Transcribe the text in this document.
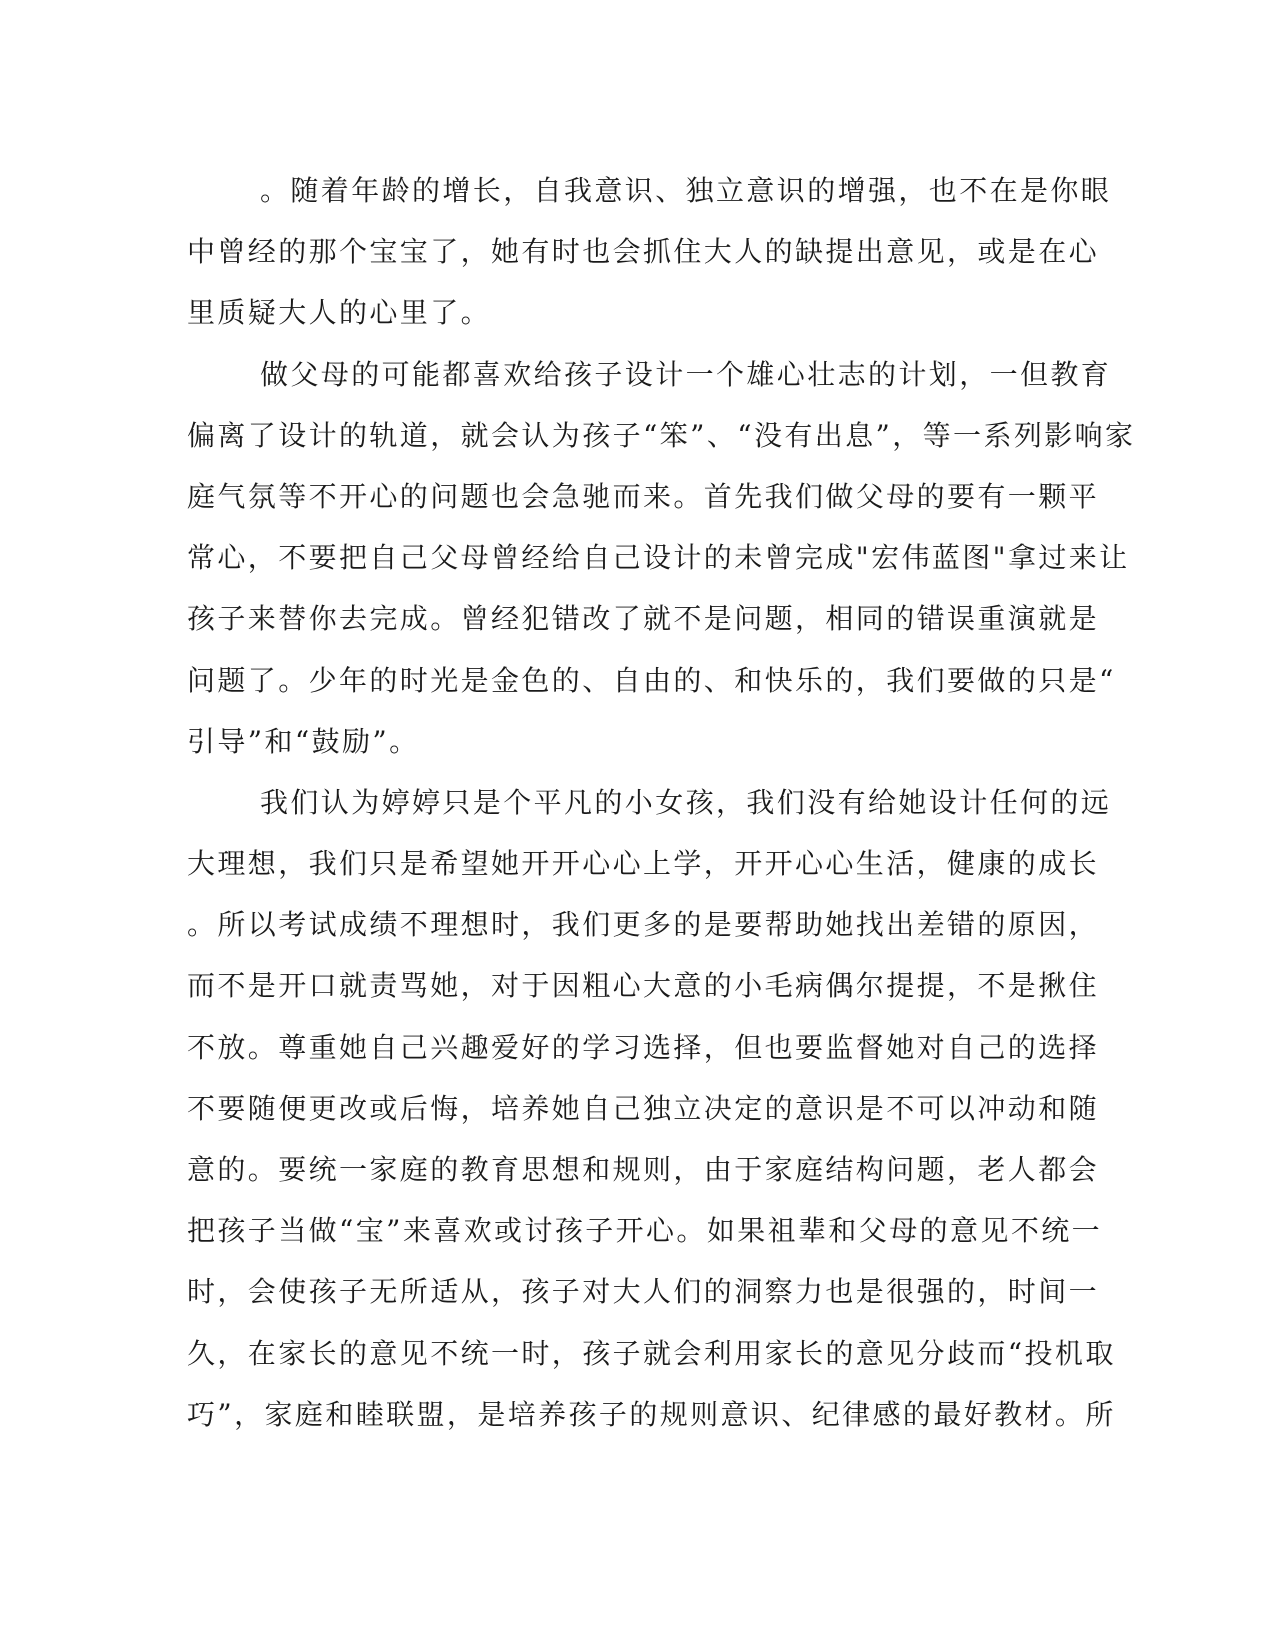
。随着年龄的增长，自我意识、独立意识的增强，也不在是你眼
中曾经的那个宝宝了，她有时也会抓住大人的缺提出意见，或是在心
里质疑大人的心里了。
做父母的可能都喜欢给孩子设计一个雄心壮志的计划，一但教育
偏离了设计的轨道，就会认为孩子“笨”、“没有出息”，等一系列影响家
庭气氛等不开心的问题也会急驰而来。首先我们做父母的要有一颗平
常心，不要把自己父母曾经给自己设计的未曾完成"宏伟蓝图"拿过来让
孩子来替你去完成。曾经犯错改了就不是问题，相同的错误重演就是
问题了。少年的时光是金色的、自由的、和快乐的，我们要做的只是“
引导”和“鼓励”。
我们认为婷婷只是个平凡的小女孩，我们没有给她设计任何的远
大理想，我们只是希望她开开心心上学，开开心心生活，健康的成长
。所以考试成绩不理想时，我们更多的是要帮助她找出差错的原因，
而不是开口就责骂她，对于因粗心大意的小毛病偶尔提提，不是揪住
不放。尊重她自己兴趣爱好的学习选择，但也要监督她对自己的选择
不要随便更改或后悔，培养她自己独立决定的意识是不可以冲动和随
意的。要统一家庭的教育思想和规则，由于家庭结构问题，老人都会
把孩子当做“宝”来喜欢或讨孩子开心。如果祖辈和父母的意见不统一
时，会使孩子无所适从，孩子对大人们的洞察力也是很强的，时间一
久，在家长的意见不统一时，孩子就会利用家长的意见分歧而“投机取
巧”，家庭和睦联盟，是培养孩子的规则意识、纪律感的最好教材。所
